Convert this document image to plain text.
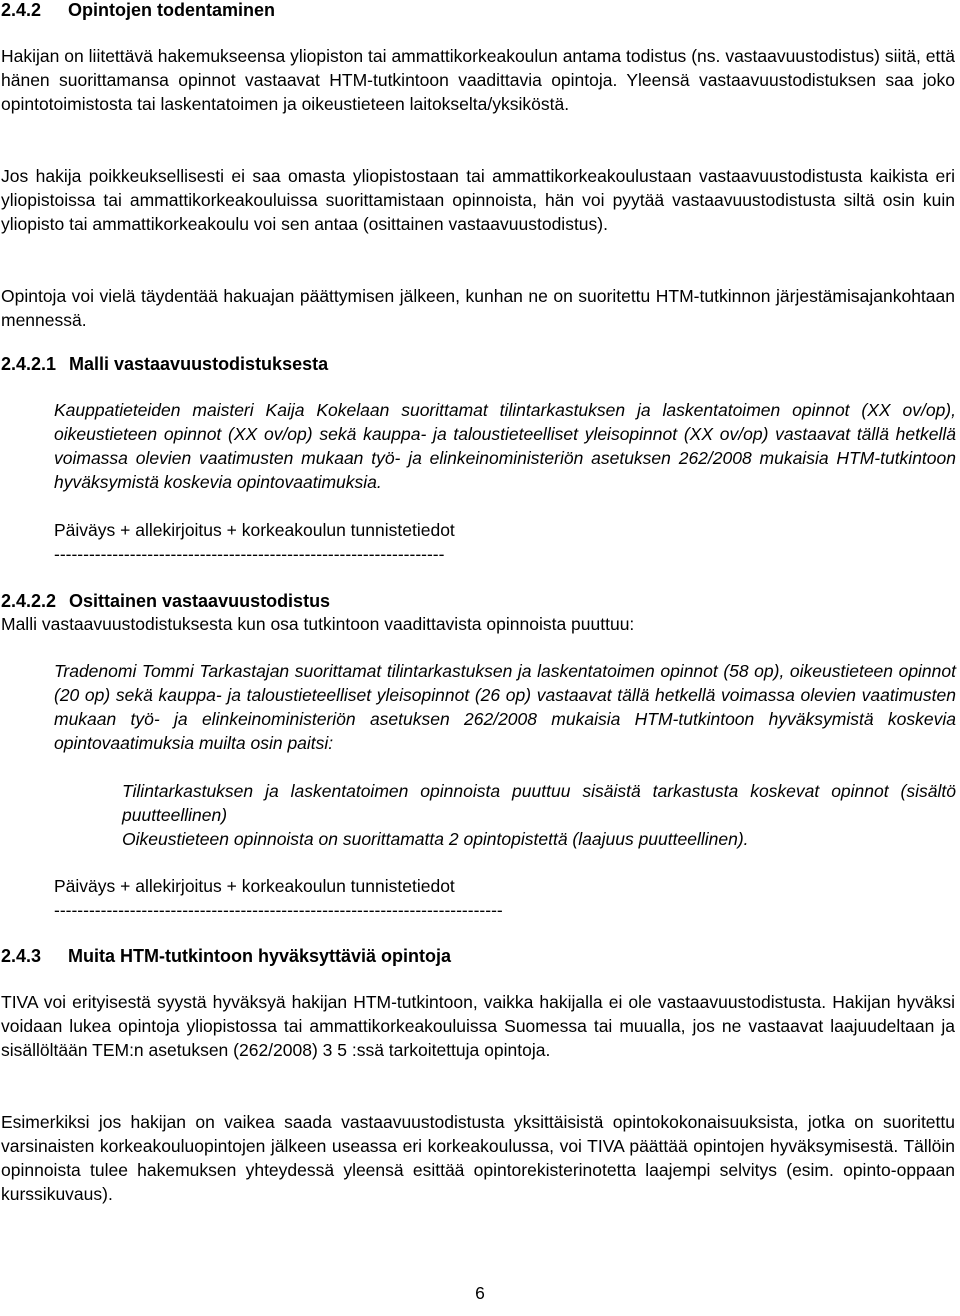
2.4.2 Opintojen todentaminen

Hakijan on liitettävä hakemukseensa yliopiston tai ammattikorkeakoulun antama todistus (ns. vastaavuustodistus) siitä, että hänen suorittamansa opinnot vastaavat HTM-tutkintoon vaadittavia opintoja. Yleensä vastaavuustodistuksen saa joko opintotoimistosta tai laskentatoimen ja oikeustieteen laitokselta/yksiköstä.

Jos hakija poikkeuksellisesti ei saa omasta yliopistostaan tai ammattikorkeakoulustaan vastaavuustodistusta kaikista eri yliopistoissa tai ammattikorkeakouluissa suorittamistaan opinnoista, hän voi pyytää vastaavuustodistusta siltä osin kuin yliopisto tai ammattikorkeakoulu voi sen antaa (osittainen vastaavuustodistus).

Opintoja voi vielä täydentää hakuajan päättymisen jälkeen, kunhan ne on suoritettu HTM-tutkinnon järjestämisajankohtaan mennessä.

2.4.2.1 Malli vastaavuustodistuksesta

Kauppatieteiden maisteri Kaija Kokelaan suorittamat tilintarkastuksen ja laskentatoimen opinnot (XX ov/op), oikeustieteen opinnot (XX ov/op) sekä kauppa- ja taloustieteelliset yleisopinnot (XX ov/op) vastaavat tällä hetkellä voimassa olevien vaatimusten mukaan työ- ja elinkeinoministeriön asetuksen 262/2008 mukaisia HTM-tutkintoon hyväksymistä koskevia opintovaatimuksia.

Päiväys + allekirjoitus + korkeakoulun tunnistetiedot

-------------------------------------------------------------------

2.4.2.2 Osittainen vastaavuustodistus

Malli vastaavuustodistuksesta kun osa tutkintoon vaadittavista opinnoista puuttuu:

Tradenomi Tommi Tarkastajan suorittamat tilintarkastuksen ja laskentatoimen opinnot (58 op), oikeustieteen opinnot (20 op) sekä kauppa- ja taloustieteelliset yleisopinnot (26 op) vastaavat tällä hetkellä voimassa olevien vaatimusten mukaan työ- ja elinkeinoministeriön asetuksen 262/2008 mukaisia HTM-tutkintoon hyväksymistä koskevia opintovaatimuksia muilta osin paitsi:

Tilintarkastuksen ja laskentatoimen opinnoista puuttuu sisäistä tarkastusta koskevat opinnot (sisältö puutteellinen)

Oikeustieteen opinnoista on suorittamatta 2 opintopistettä (laajuus puutteellinen).

Päiväys + allekirjoitus + korkeakoulun tunnistetiedot

-----------------------------------------------------------------------------

2.4.3 Muita HTM-tutkintoon hyväksyttäviä opintoja

TIVA voi erityisestä syystä hyväksyä hakijan HTM-tutkintoon, vaikka hakijalla ei ole vastaavuustodistusta. Hakijan hyväksi voidaan lukea opintoja yliopistossa tai ammattikorkeakouluissa Suomessa tai muualla, jos ne vastaavat laajuudeltaan ja sisällöltään TEM:n asetuksen (262/2008) 3 5 :ssä tarkoitettuja opintoja.

Esimerkiksi jos hakijan on vaikea saada vastaavuustodistusta yksittäisistä opintokokonaisuuksista, jotka on suoritettu varsinaisten korkeakouluopintojen jälkeen useassa eri korkeakoulussa, voi TIVA päättää opintojen hyväksymisestä. Tällöin opinnoista tulee hakemuksen yhteydessä yleensä esittää opintorekisterinotetta laajempi selvitys (esim. opinto-oppaan kurssikuvaus).

6
